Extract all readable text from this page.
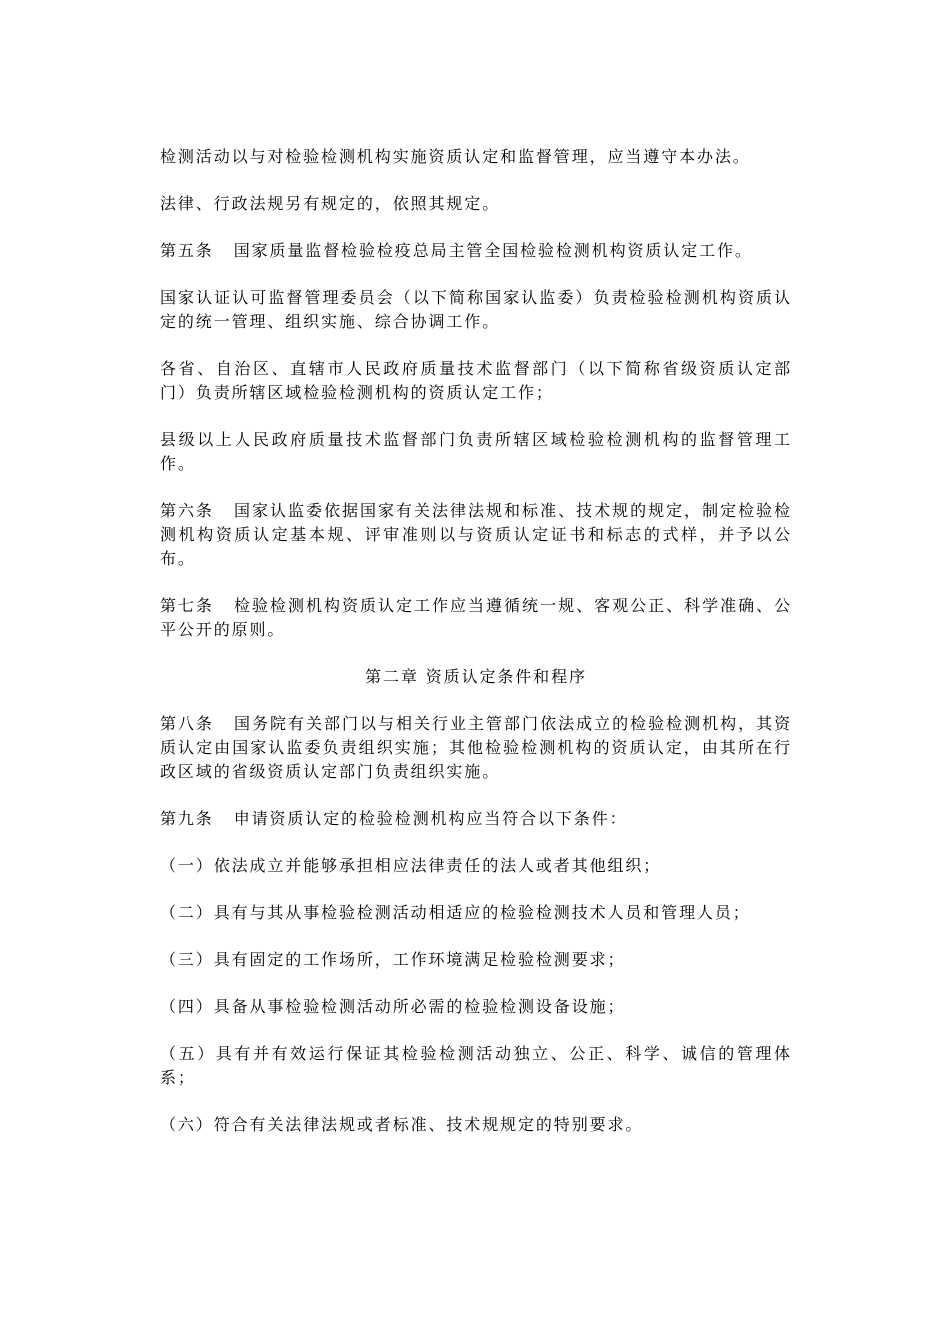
检测活动以与对检验检测机构实施资质认定和监督管理，应当遵守本办法。

法律、行政法规另有规定的，依照其规定。

第五条 国家质量监督检验检疫总局主管全国检验检测机构资质认定工作。

国家认证认可监督管理委员会（以下简称国家认监委）负责检验检测机构资质认定的统一管理、组织实施、综合协调工作。

各省、自治区、直辖市人民政府质量技术监督部门（以下简称省级资质认定部门）负责所辖区域检验检测机构的资质认定工作；

县级以上人民政府质量技术监督部门负责所辖区域检验检测机构的监督管理工作。

第六条 国家认监委依据国家有关法律法规和标准、技术规的规定，制定检验检测机构资质认定基本规、评审准则以与资质认定证书和标志的式样，并予以公布。

第七条 检验检测机构资质认定工作应当遵循统一规、客观公正、科学准确、公平公开的原则。

第二章 资质认定条件和程序

第八条 国务院有关部门以与相关行业主管部门依法成立的检验检测机构，其资质认定由国家认监委负责组织实施；其他检验检测机构的资质认定，由其所在行政区域的省级资质认定部门负责组织实施。

第九条 申请资质认定的检验检测机构应当符合以下条件：

（一）依法成立并能够承担相应法律责任的法人或者其他组织；

（二）具有与其从事检验检测活动相适应的检验检测技术人员和管理人员；

（三）具有固定的工作场所，工作环境满足检验检测要求；

（四）具备从事检验检测活动所必需的检验检测设备设施；

（五）具有并有效运行保证其检验检测活动独立、公正、科学、诚信的管理体系；

（六）符合有关法律法规或者标准、技术规规定的特别要求。
